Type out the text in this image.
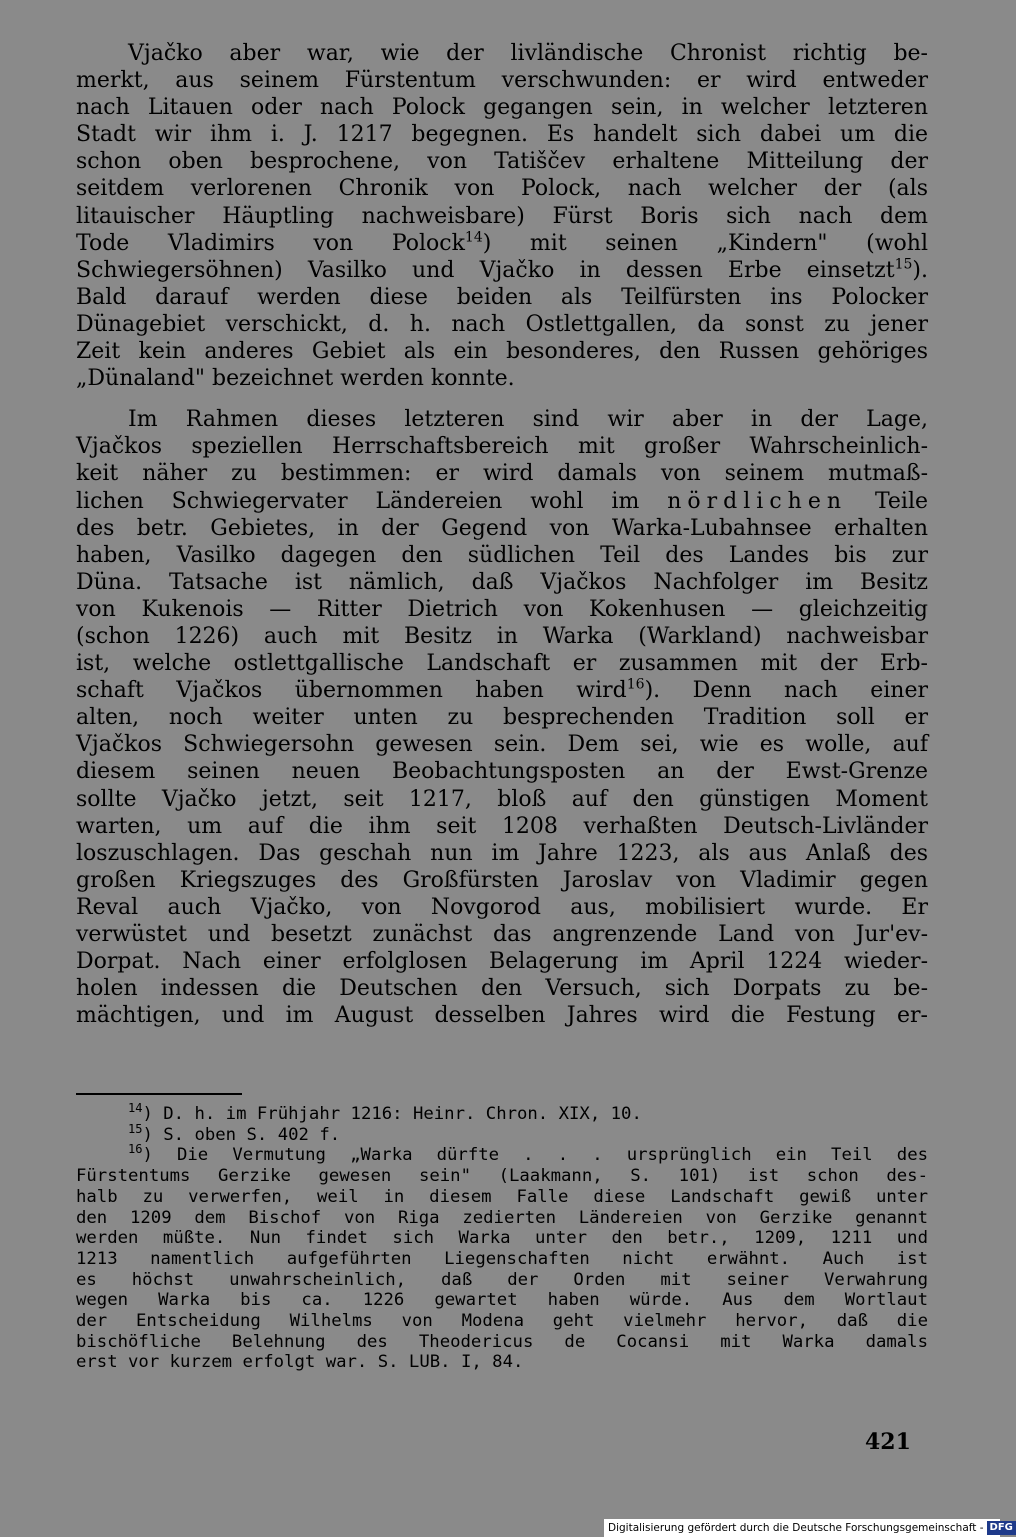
Vjačko aber war, wie der livländische Chronist richtig be-

merkt, aus seinem Fürstentum verschwunden: er wird entweder

nach Litauen oder nach Polock gegangen sein, in welcher letzteren

Stadt wir ihm i. J. 1217 begegnen. Es handelt sich dabei um die

schon oben besprochene, von Tatiščev erhaltene Mitteilung der

seitdem verlorenen Chronik von Polock, nach welcher der (als

litauischer Häuptling nachweisbare) Fürst Boris sich nach dem

Tode Vladimirs von Polock$^{14}$) mit seinen „Kindern" (wohl

Schwiegersöhnen) Vasilko und Vjačko in dessen Erbe einsetzt$^{15}$).

Bald darauf werden diese beiden als Teilfürsten ins Polocker

Dünagebiet verschickt, d. h. nach Ostlettgallen, da sonst zu jener

Zeit kein anderes Gebiet als ein besonderes, den Russen gehöriges

„Dünaland" bezeichnet werden konnte.

Im Rahmen dieses letzteren sind wir aber in der Lage,

Vjačkos speziellen Herrschaftsbereich mit großer Wahrscheinlich-

keit näher zu bestimmen: er wird damals von seinem mutmaß-

lichen Schwiegervater Ländereien wohl im nördlichen Teile

des betr. Gebietes, in der Gegend von Warka-Lubahnsee erhalten

haben, Vasilko dagegen den südlichen Teil des Landes bis zur

Düna. Tatsache ist nämlich, daß Vjačkos Nachfolger im Besitz

von Kukenois — Ritter Dietrich von Kokenhusen — gleichzeitig

(schon 1226) auch mit Besitz in Warka (Warkland) nachweisbar

ist, welche ostlettgallische Landschaft er zusammen mit der Erb-

schaft Vjačkos übernommen haben wird$^{16}$). Denn nach einer

alten, noch weiter unten zu besprechenden Tradition soll er

Vjačkos Schwiegersohn gewesen sein. Dem sei, wie es wolle, auf

diesem seinen neuen Beobachtungsposten an der Ewst-Grenze

sollte Vjačko jetzt, seit 1217, bloß auf den günstigen Moment

warten, um auf die ihm seit 1208 verhaßten Deutsch-Livländer

loszuschlagen. Das geschah nun im Jahre 1223, als aus Anlaß des

großen Kriegszuges des Großfürsten Jaroslav von Vladimir gegen

Reval auch Vjačko, von Novgorod aus, mobilisiert wurde. Er

verwüstet und besetzt zunächst das angrenzende Land von Jur'ev-

Dorpat. Nach einer erfolglosen Belagerung im April 1224 wieder-

holen indessen die Deutschen den Versuch, sich Dorpats zu be-

mächtigen, und im August desselben Jahres wird die Festung er-

$^{14}$) D. h. im Frühjahr 1216: Heinr. Chron. XIX, 10.

$^{15}$) S. oben S. 402 f.

$^{16}$) Die Vermutung „Warka dürfte . . . ursprünglich ein Teil des

Fürstentums Gerzike gewesen sein" (Laakmann, S. 101) ist schon des-

halb zu verwerfen, weil in diesem Falle diese Landschaft gewiß unter

den 1209 dem Bischof von Riga zedierten Ländereien von Gerzike genannt

werden müßte. Nun findet sich Warka unter den betr., 1209, 1211 und

1213 namentlich aufgeführten Liegenschaften nicht erwähnt. Auch ist

es höchst unwahrscheinlich, daß der Orden mit seiner Verwahrung

wegen Warka bis ca. 1226 gewartet haben würde. Aus dem Wortlaut

der Entscheidung Wilhelms von Modena geht vielmehr hervor, daß die

bischöfliche Belehnung des Theodericus de Cocansi mit Warka damals

erst vor kurzem erfolgt war. S. LUB. I, 84.

421
Digitalisierung gefördert durch die Deutsche Forschungsgemeinschaft - DFG
